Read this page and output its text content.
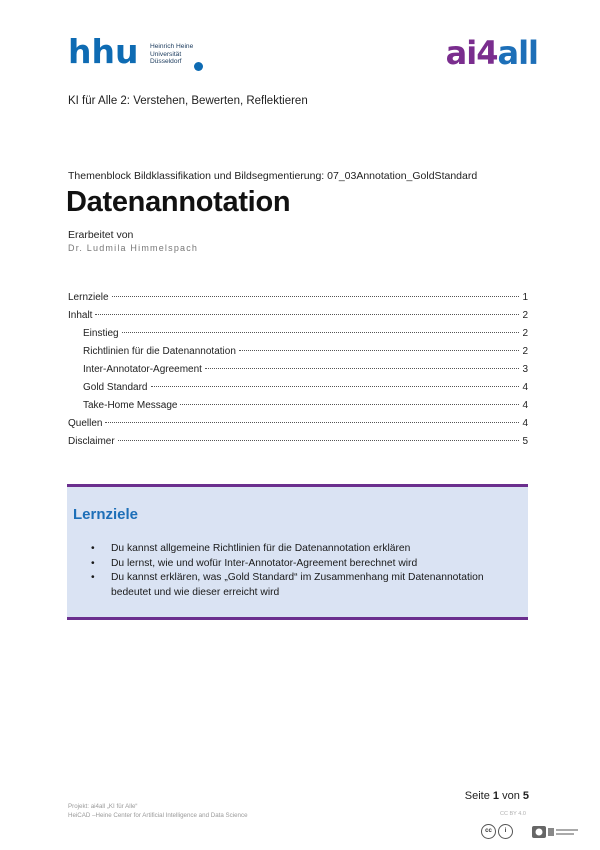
hhu Heinrich Heine
Universität
Düsseldorf	ai4all
KI für Alle 2: Verstehen, Bewerten, Reflektieren
Themenblock Bildklassifikation und Bildsegmentierung: 07_03Annotation_GoldStandard
Datenannotation
Erarbeitet von
Dr. Ludmila Himmelspach
Lernziele	1
Inhalt	2
Einstieg	2
Richtlinien für die Datenannotation	2
Inter-Annotator-Agreement	3
Gold Standard	4
Take-Home Message	4
Quellen	4
Disclaimer	5
Lernziele
• Du kannst allgemeine Richtlinien für die Datenannotation erklären
• Du lernst, wie und wofür Inter-Annotator-Agreement berechnet wird
• Du kannst erklären, was „Gold Standard“ im Zusammenhang mit Datenannotation bedeutet und wie dieser erreicht wird
Seite 1 von 5
Projekt: ai4all „KI für Alle“
HeiCAD –Heine Center for Artificial Intelligence and Data Science	CC BY 4.0
cc	i
